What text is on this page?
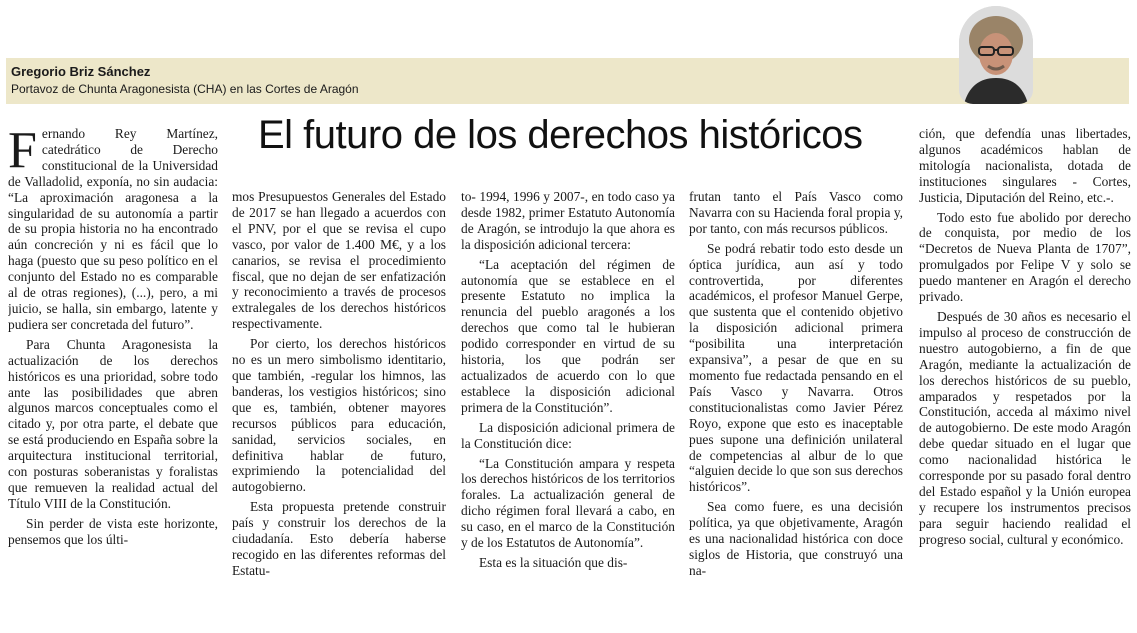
Gregorio Briz Sánchez
Portavoz de Chunta Aragonesista (CHA) en las Cortes de Aragón
El futuro de los derechos históricos

Fernando Rey Martínez, catedrático de Derecho constitucional de la Universidad de Valladolid, exponía, no sin audacia: “La aproximación aragonesa a la singularidad de su autonomía a partir de su propia historia no ha encontrado aún concreción y ni es fácil que lo haga (puesto que su peso político en el conjunto del Estado no es comparable al de otras regiones), (...), pero, a mi juicio, se halla, sin embargo, latente y pudiera ser concretada del futuro”.

Para Chunta Aragonesista la actualización de los derechos históricos es una prioridad, sobre todo ante las posibilidades que abren algunos marcos conceptuales como el citado y, por otra parte, el debate que se está produciendo en España sobre la arquitectura institucional territorial, con posturas soberanistas y foralistas que remueven la realidad actual del Título VIII de la Constitución.

Sin perder de vista este horizonte, pensemos que los últi-

mos Presupuestos Generales del Estado de 2017 se han llegado a acuerdos con el PNV, por el que se revisa el cupo vasco, por valor de 1.400 M€, y a los canarios, se revisa el procedimiento fiscal, que no dejan de ser enfatización y reconocimiento a través de procesos extralegales de los derechos históricos respectivamente.

Por cierto, los derechos históricos no es un mero simbolismo identitario, que también, -regular los himnos, las banderas, los vestigios históricos; sino que es, también, obtener mayores recursos públicos para educación, sanidad, servicios sociales, en definitiva hablar de futuro, exprimiendo la potencialidad del autogobierno.

Esta propuesta pretende construir país y construir los derechos de la ciudadanía. Esto debería haberse recogido en las diferentes reformas del Estatu-

to- 1994, 1996 y 2007-, en todo caso ya desde 1982, primer Estatuto Autonomía de Aragón, se introdujo la que ahora es la disposición adicional tercera:

“La aceptación del régimen de autonomía que se establece en el presente Estatuto no implica la renuncia del pueblo aragonés a los derechos que como tal le hubieran podido corresponder en virtud de su historia, los que podrán ser actualizados de acuerdo con lo que establece la disposición adicional primera de la Constitución”.

La disposición adicional primera de la Constitución dice:

“La Constitución ampara y respeta los derechos históricos de los territorios forales. La actualización general de dicho régimen foral llevará a cabo, en su caso, en el marco de la Constitución y de los Estatutos de Autonomía”.

Esta es la situación que dis-

frutan tanto el País Vasco como Navarra con su Hacienda foral propia y, por tanto, con más recursos públicos.

Se podrá rebatir todo esto desde un óptica jurídica, aun así y todo controvertida, por diferentes académicos, el profesor Manuel Gerpe, que sustenta que el contenido objetivo la disposición adicional primera “posibilita una interpretación expansiva”, a pesar de que en su momento fue redactada pensando en el País Vasco y Navarra. Otros constitucionalistas como Javier Pérez Royo, expone que esto es inaceptable pues supone una definición unilateral de competencias al albur de lo que “alguien decide lo que son sus derechos históricos”.

Sea como fuere, es una decisión política, ya que objetivamente, Aragón es una nacionalidad histórica con doce siglos de Historia, que construyó una na-

ción, que defendía unas libertades, algunos académicos hablan de mitología nacionalista, dotada de instituciones singulares - Cortes, Justicia, Diputación del Reino, etc.-.

Todo esto fue abolido por derecho de conquista, por medio de los “Decretos de Nueva Planta de 1707”, promulgados por Felipe V y solo se puedo mantener en Aragón el derecho privado.

Después de 30 años es necesario el impulso al proceso de construcción de nuestro autogobierno, a fin de que Aragón, mediante la actualización de los derechos históricos de su pueblo, amparados y respetados por la Constitución, acceda al máximo nivel de autogobierno. De este modo Aragón debe quedar situado en el lugar que como nacionalidad histórica le corresponde por su pasado foral dentro del Estado español y la Unión europea y recupere los instrumentos precisos para seguir haciendo realidad el progreso social, cultural y económico.
